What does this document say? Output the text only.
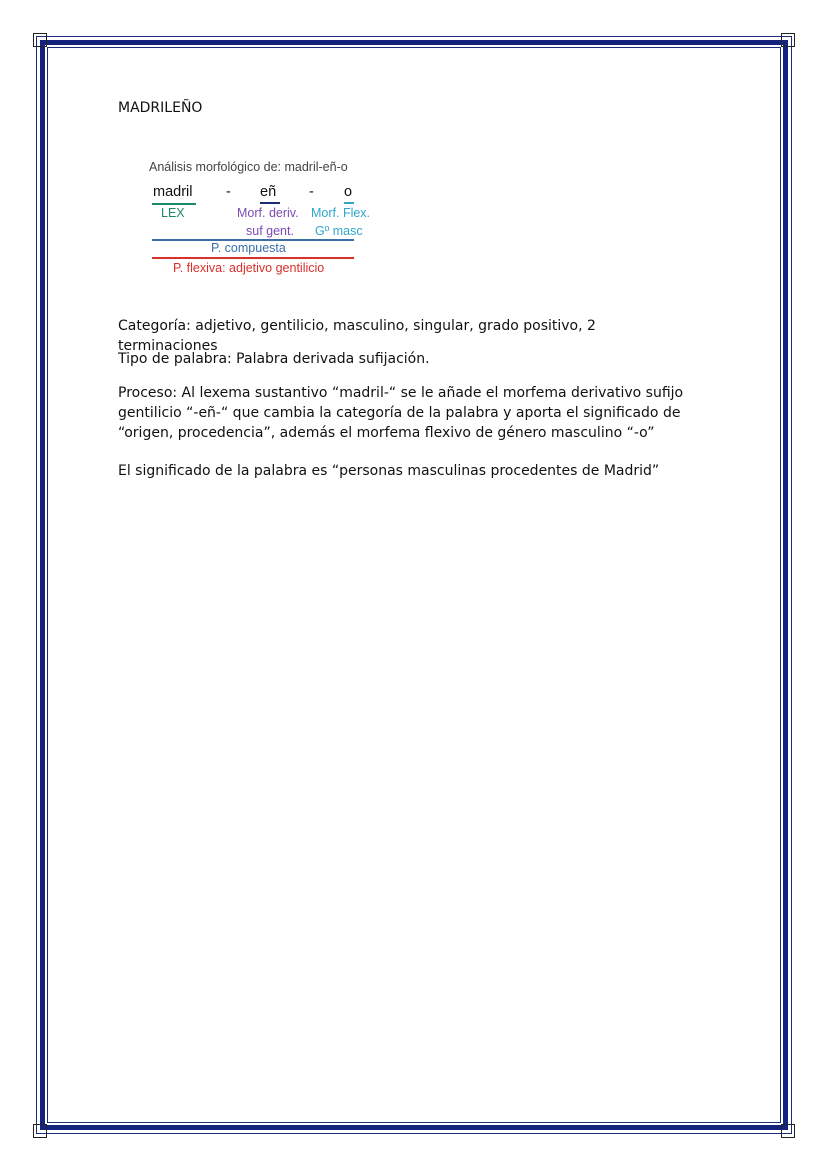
MADRILEÑO
Análisis morfológico de: madril-eñ-o
madril - eñ - o
LEX	Morf. deriv. Morf. Flex.
suf gent. Gº masc
P. compuesta
P. flexiva: adjetivo gentilicio

Categoría: adjetivo, gentilicio, masculino, singular, grado positivo, 2 terminaciones

Tipo de palabra: Palabra derivada sufijación.

Proceso: Al lexema sustantivo “madril-“ se le añade el morfema derivativo sufijo gentilicio “-eñ-“ que cambia la categoría de la palabra y aporta el significado de “origen, procedencia”, además el morfema flexivo de género masculino “-o”

El significado de la palabra es “personas masculinas procedentes de Madrid”
